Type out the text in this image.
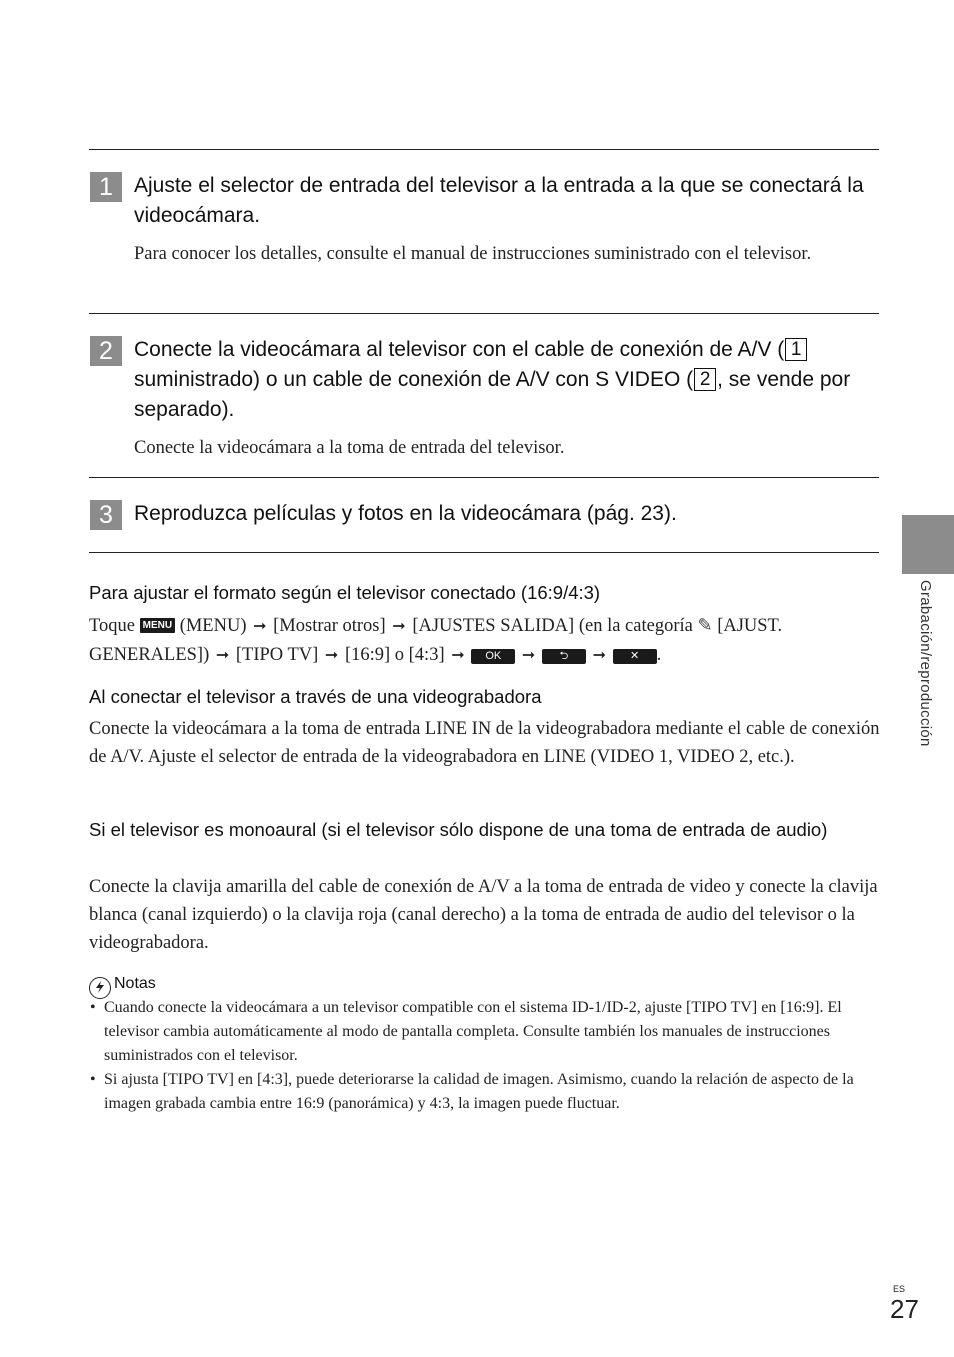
1	Ajuste el selector de entrada del televisor a la entrada a la que se conectará la videocámara.
Para conocer los detalles, consulte el manual de instrucciones suministrado con el televisor.
2	Conecte la videocámara al televisor con el cable de conexión de A/V ( 1 suministrado) o un cable de conexión de A/V con S VIDEO ( 2 , se vende por separado).
Conecte la videocámara a la toma de entrada del televisor.
3	Reproduzca películas y fotos en la videocámara (pág. 23).
Para ajustar el formato según el televisor conectado (16:9/4:3)
Toque MENU (MENU) ➞ [Mostrar otros] ➞ [AJUSTES SALIDA] (en la categoría ✎ [AJUST. GENERALES]) ➞ [TIPO TV] ➞ [16:9] o [4:3] ➞ OK ➞ ⮌ ➞ ✕ .
Al conectar el televisor a través de una videograbadora
Conecte la videocámara a la toma de entrada LINE IN de la videograbadora mediante el cable de conexión de A/V. Ajuste el selector de entrada de la videograbadora en LINE (VIDEO 1, VIDEO 2, etc.).
Si el televisor es monoaural (si el televisor sólo dispone de una toma de entrada de audio)
Conecte la clavija amarilla del cable de conexión de A/V a la toma de entrada de video y conecte la clavija blanca (canal izquierdo) o la clavija roja (canal derecho) a la toma de entrada de audio del televisor o la videograbadora.
Notas
• Cuando conecte la videocámara a un televisor compatible con el sistema ID-1/ID-2, ajuste [TIPO TV] en [16:9]. El televisor cambia automáticamente al modo de pantalla completa. Consulte también los manuales de instrucciones suministrados con el televisor.
• Si ajusta [TIPO TV] en [4:3], puede deteriorarse la calidad de imagen. Asimismo, cuando la relación de aspecto de la imagen grabada cambia entre 16:9 (panorámica) y 4:3, la imagen puede fluctuar.
Grabación/reproducción
ES
27
